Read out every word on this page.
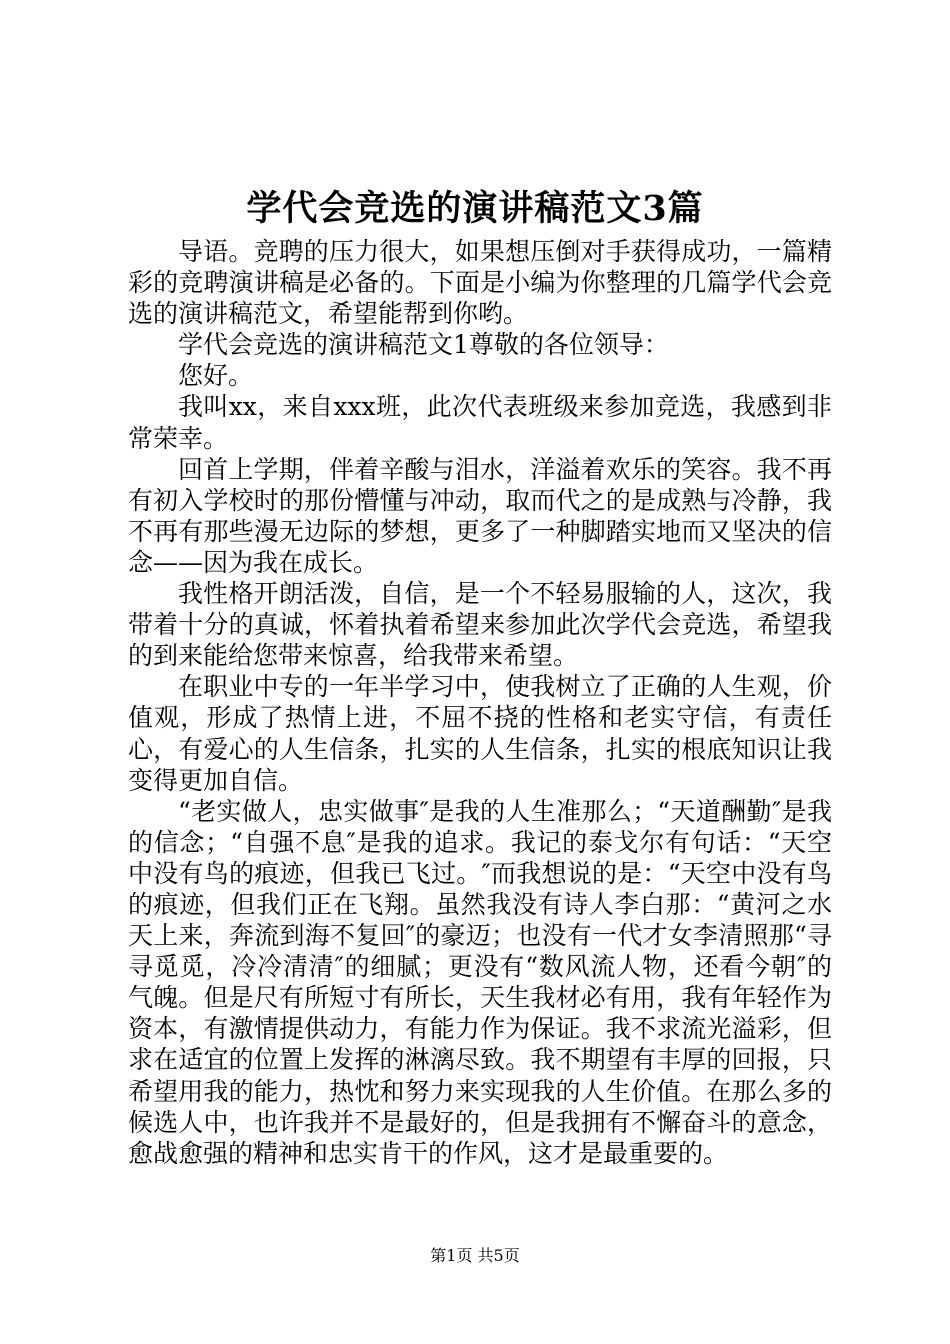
学代会竞选的演讲稿范文3篇

导语。竞聘的压力很大，如果想压倒对手获得成功，一篇精彩的竞聘演讲稿是必备的。下面是小编为你整理的几篇学代会竞选的演讲稿范文，希望能帮到你哟。

学代会竞选的演讲稿范文1尊敬的各位领导：

您好。

我叫xx，来自xxx班，此次代表班级来参加竞选，我感到非常荣幸。

回首上学期，伴着辛酸与泪水，洋溢着欢乐的笑容。我不再有初入学校时的那份懵懂与冲动，取而代之的是成熟与冷静，我不再有那些漫无边际的梦想，更多了一种脚踏实地而又坚决的信念——因为我在成长。

我性格开朗活泼，自信，是一个不轻易服输的人，这次，我带着十分的真诚，怀着执着希望来参加此次学代会竞选，希望我的到来能给您带来惊喜，给我带来希望。

在职业中专的一年半学习中，使我树立了正确的人生观，价值观，形成了热情上进，不屈不挠的性格和老实守信，有责任心，有爱心的人生信条，扎实的人生信条，扎实的根底知识让我变得更加自信。

“老实做人，忠实做事″是我的人生准那么；“天道酬勤″是我的信念；“自强不息″是我的追求。我记的泰戈尔有句话：“天空中没有鸟的痕迹，但我已飞过。″而我想说的是：“天空中没有鸟的痕迹，但我们正在飞翔。虽然我没有诗人李白那：“黄河之水天上来，奔流到海不复回″的豪迈；也没有一代才女李清照那“寻寻觅觅，冷冷清清″的细腻；更没有“数风流人物，还看今朝″的气魄。但是尺有所短寸有所长，天生我材必有用，我有年轻作为资本，有激情提供动力，有能力作为保证。我不求流光溢彩，但求在适宜的位置上发挥的淋漓尽致。我不期望有丰厚的回报，只希望用我的能力，热忱和努力来实现我的人生价值。在那么多的候选人中，也许我并不是最好的，但是我拥有不懈奋斗的意念，愈战愈强的精神和忠实肯干的作风，这才是最重要的。

第1页 共5页
